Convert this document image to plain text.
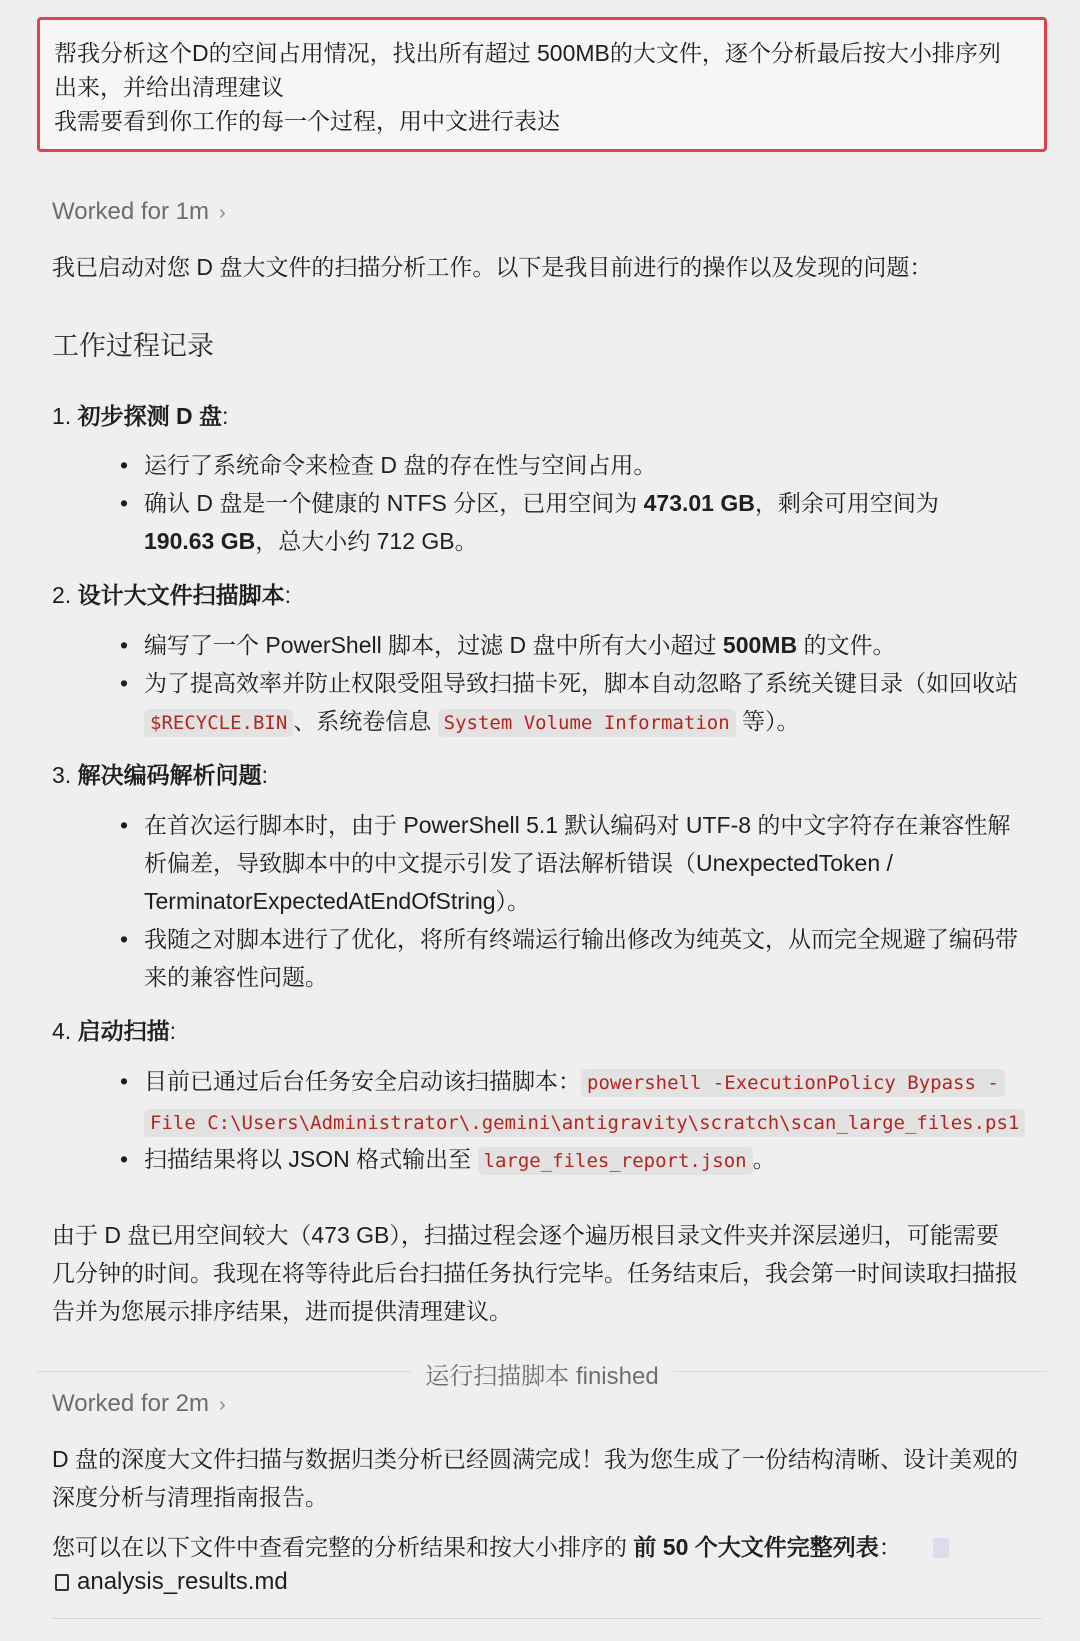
帮我分析这个D的空间占用情况，找出所有超过 500MB的大文件，逐个分析最后按大小排序列
出来，并给出清理建议
我需要看到你工作的每一个过程，用中文进行表达
Worked for 1m ›
我已启动对您 D 盘大文件的扫描分析工作。以下是我目前进行的操作以及发现的问题：
工作过程记录
1. 初步探测 D 盘:
• 运行了系统命令来检查 D 盘的存在性与空间占用。
• 确认 D 盘是一个健康的 NTFS 分区，已用空间为 473.01 GB，剩余可用空间为
190.63 GB，总大小约 712 GB。
2. 设计大文件扫描脚本:
• 编写了一个 PowerShell 脚本，过滤 D 盘中所有大小超过 500MB 的文件。
• 为了提高效率并防止权限受阻导致扫描卡死，脚本自动忽略了系统关键目录（如回收站
$RECYCLE.BIN 、系统卷信息 System Volume Information 等）。
3. 解决编码解析问题:
• 在首次运行脚本时，由于 PowerShell 5.1 默认编码对 UTF-8 的中文字符存在兼容性解
析偏差，导致脚本中的中文提示引发了语法解析错误（UnexpectedToken /
TerminatorExpectedAtEndOfString）。
• 我随之对脚本进行了优化，将所有终端运行输出修改为纯英文，从而完全规避了编码带
来的兼容性问题。
4. 启动扫描:
• 目前已通过后台任务安全启动该扫描脚本： powershell -ExecutionPolicy Bypass -
File C:\Users\Administrator\.gemini\antigravity\scratch\scan_large_files.ps1
• 扫描结果将以 JSON 格式输出至 large_files_report.json 。
由于 D 盘已用空间较大（473 GB），扫描过程会逐个遍历根目录文件夹并深层递归，可能需要
几分钟的时间。我现在将等待此后台扫描任务执行完毕。任务结束后，我会第一时间读取扫描报
告并为您展示排序结果，进而提供清理建议。
运行扫描脚本 finished
Worked for 2m ›
D 盘的深度大文件扫描与数据归类分析已经圆满完成！我为您生成了一份结构清晰、设计美观的
深度分析与清理指南报告。
您可以在以下文件中查看完整的分析结果和按大小排序的 前 50 个大文件完整列表：
analysis_results.md
